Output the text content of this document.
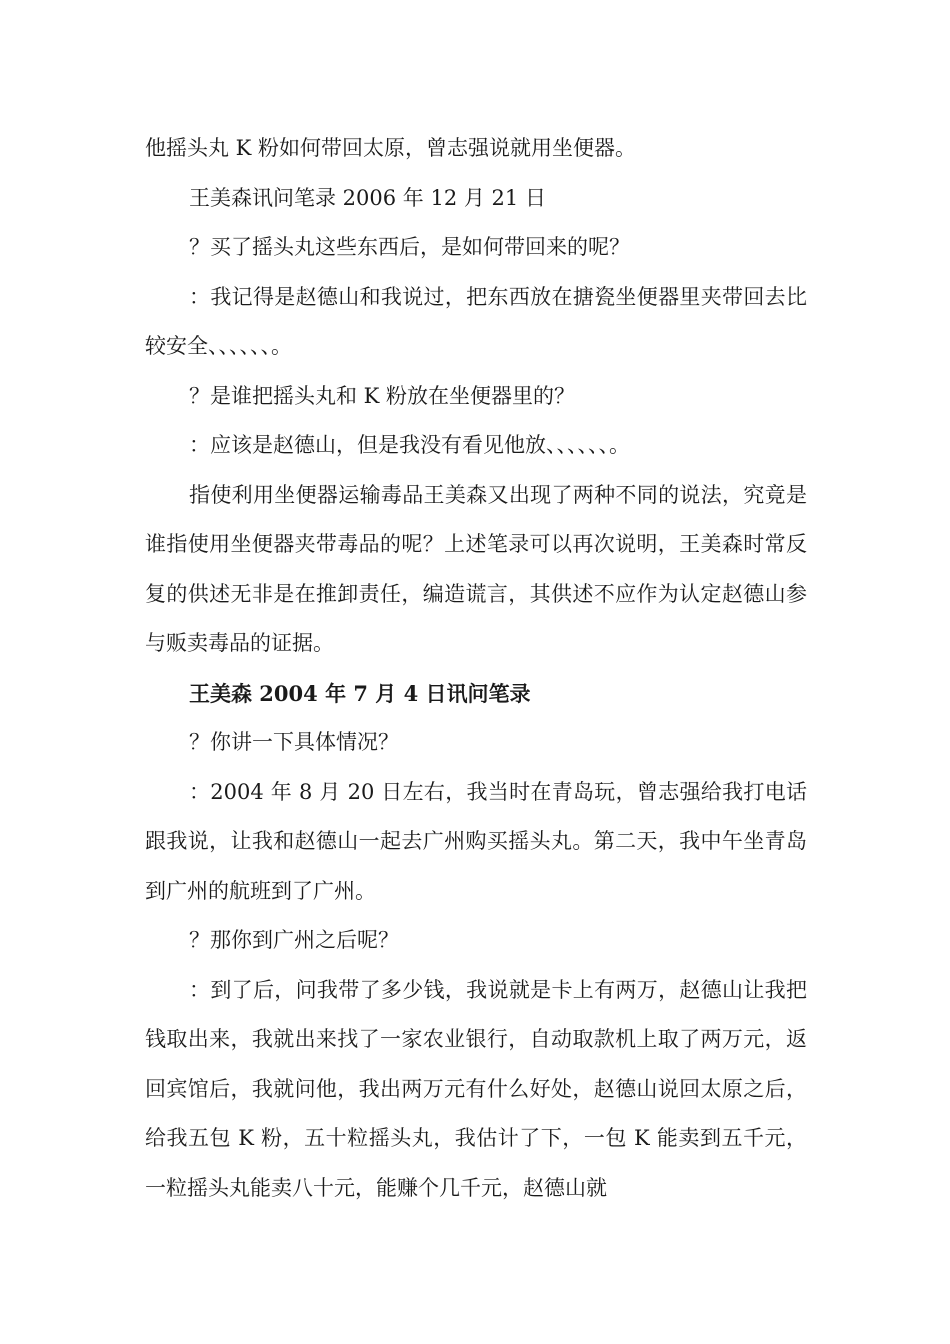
他摇头丸 K 粉如何带回太原，曾志强说就用坐便器。

王美森讯问笔录 2006 年 12 月 21 日

？买了摇头丸这些东西后，是如何带回来的呢？

：我记得是赵德山和我说过，把东西放在搪瓷坐便器里夹带回去比较安全、、、、、、。

？是谁把摇头丸和 K 粉放在坐便器里的？

：应该是赵德山，但是我没有看见他放、、、、、、。

指使利用坐便器运输毒品王美森又出现了两种不同的说法，究竟是谁指使用坐便器夹带毒品的呢？上述笔录可以再次说明，王美森时常反复的供述无非是在推卸责任，编造谎言，其供述不应作为认定赵德山参与贩卖毒品的证据。

王美森 2004 年 7 月 4 日讯问笔录

？你讲一下具体情况？

：2004 年 8 月 20 日左右，我当时在青岛玩，曾志强给我打电话跟我说，让我和赵德山一起去广州购买摇头丸。第二天，我中午坐青岛到广州的航班到了广州。

？那你到广州之后呢？

：到了后，问我带了多少钱，我说就是卡上有两万，赵德山让我把钱取出来，我就出来找了一家农业银行，自动取款机上取了两万元，返回宾馆后，我就问他，我出两万元有什么好处，赵德山说回太原之后，给我五包 K 粉，五十粒摇头丸，我估计了下，一包 K 能卖到五千元，一粒摇头丸能卖八十元，能赚个几千元，赵德山就
